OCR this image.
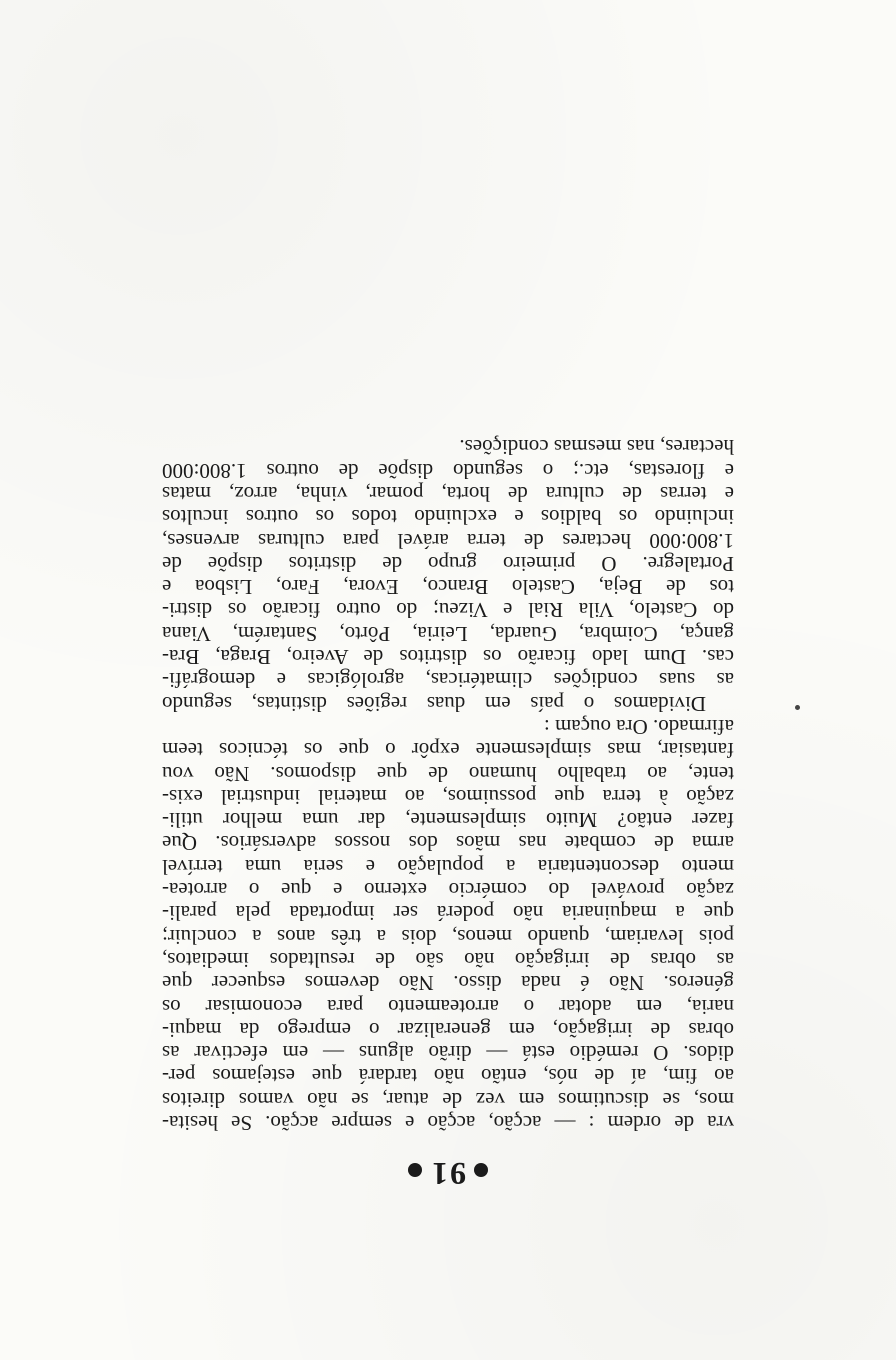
91
vra de ordem : — acção, acção e sempre acção. Se hesita-
mos, se discutimos em vez de atuar, se não vamos direitos
ao fim, aí de nós, então não tardará que estejamos per-
didos. O remédio está — dirão alguns — em efectivar as
obras de irrigação, em generalizar o emprego da maqui-
naria, em adotar o arroteamento para economisar os
géneros. Não é nada disso. Não devemos esquecer que
as obras de irrigação não são de resultados imediatos,
pois levariam, quando menos, dois a três anos a concluir;
que a maquinaria não poderá ser importada pela parali-
zação provável do comércio externo e que o arroteа-
mento descontentaria a população e seria uma terrível
arma de combate nas mãos dos nossos adversários. Que
fazer então? Muito simplesmente, dar uma melhor utili-
zação à terra que possuimos, ao material industrial exis-
tente, ao trabalho humano de que dispomos. Não vou
fantasiar, mas simplesmente expôr o que os técnicos teem
afirmado. Ora ouçam :
Dividamos o país em duas regiões distintas, segundo
as suas condições climatéricas, agrológicas e demográfi-
cas. Dum lado ficarão os distritos de Aveiro, Braga, Bra-
gança, Coimbra, Guarda, Leiria, Pôrto, Santarém, Viana
do Castelo, Vila Rial e Vizeu; do outro ficarão os distri-
tos de Beja, Castelo Branco, Evora, Faro, Lisboa e
Portalegre. O primeiro grupo de distritos dispõe de
1.800:000 hectares de terra arável para culturas arvenses,
incluindo os baldios e excluindo todos os outros incultos
e terras de cultura de horta, pomar, vinha, arroz, matas
e florestas, etc.; o segundo dispõe de outros 1.800:000
hectares, nas mesmas condições.
